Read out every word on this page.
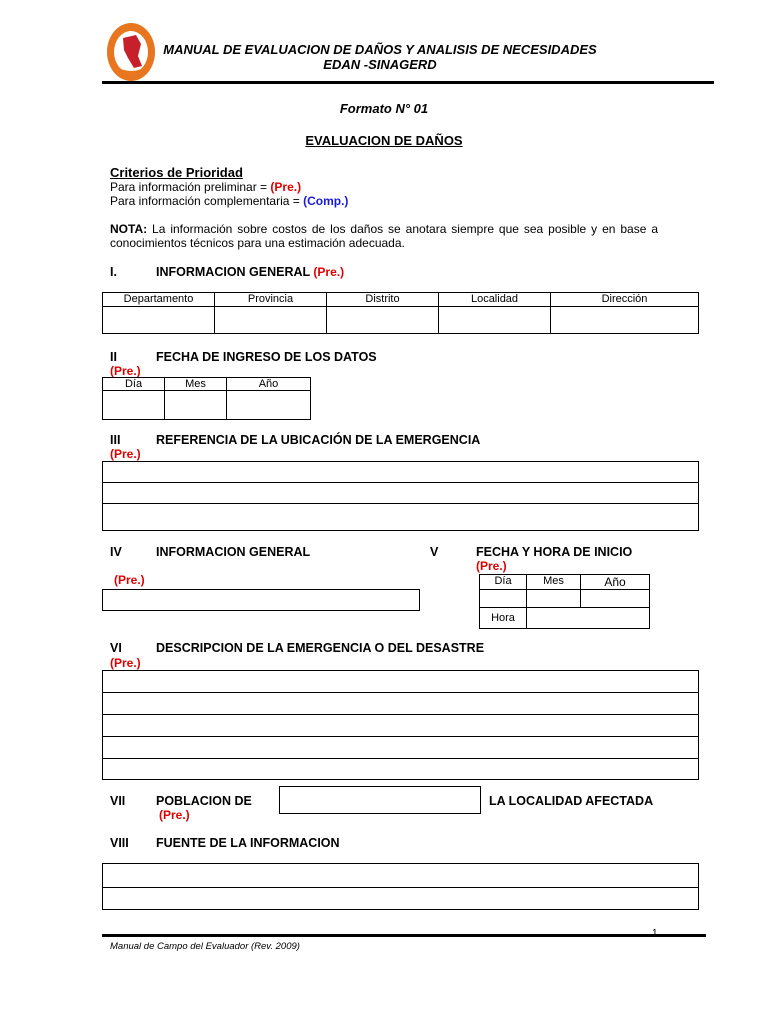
MANUAL DE EVALUACION DE DAÑOS Y ANALISIS DE NECESIDADES
EDAN -SINAGERD
Formato N° 01
EVALUACION DE DAÑOS
Criterios de Prioridad
Para información preliminar = (Pre.)
Para información complementaria = (Comp.)
NOTA: La información sobre costos de los daños se anotara siempre que sea posible y en base a conocimientos técnicos para una estimación adecuada.
I.	INFORMACION GENERAL (Pre.)
Departamento	Provincia	Distrito	Localidad	Dirección

II	FECHA DE INGRESO DE LOS DATOS
(Pre.)
Día	Mes	Año

III	REFERENCIA DE LA UBICACIÓN DE LA EMERGENCIA
(Pre.)
IV	INFORMACION GENERAL
(Pre.)
V	FECHA Y HORA DE INICIO
(Pre.)
Día	Mes	Año

Hora		
VI	DESCRIPCION DE LA EMERGENCIA O DEL DESASTRE
(Pre.)
VII POBLACION DE
(Pre.)
LA LOCALIDAD AFECTADA
VIII FUENTE DE LA INFORMACION
Manual de Campo del Evaluador (Rev. 2009)
1
